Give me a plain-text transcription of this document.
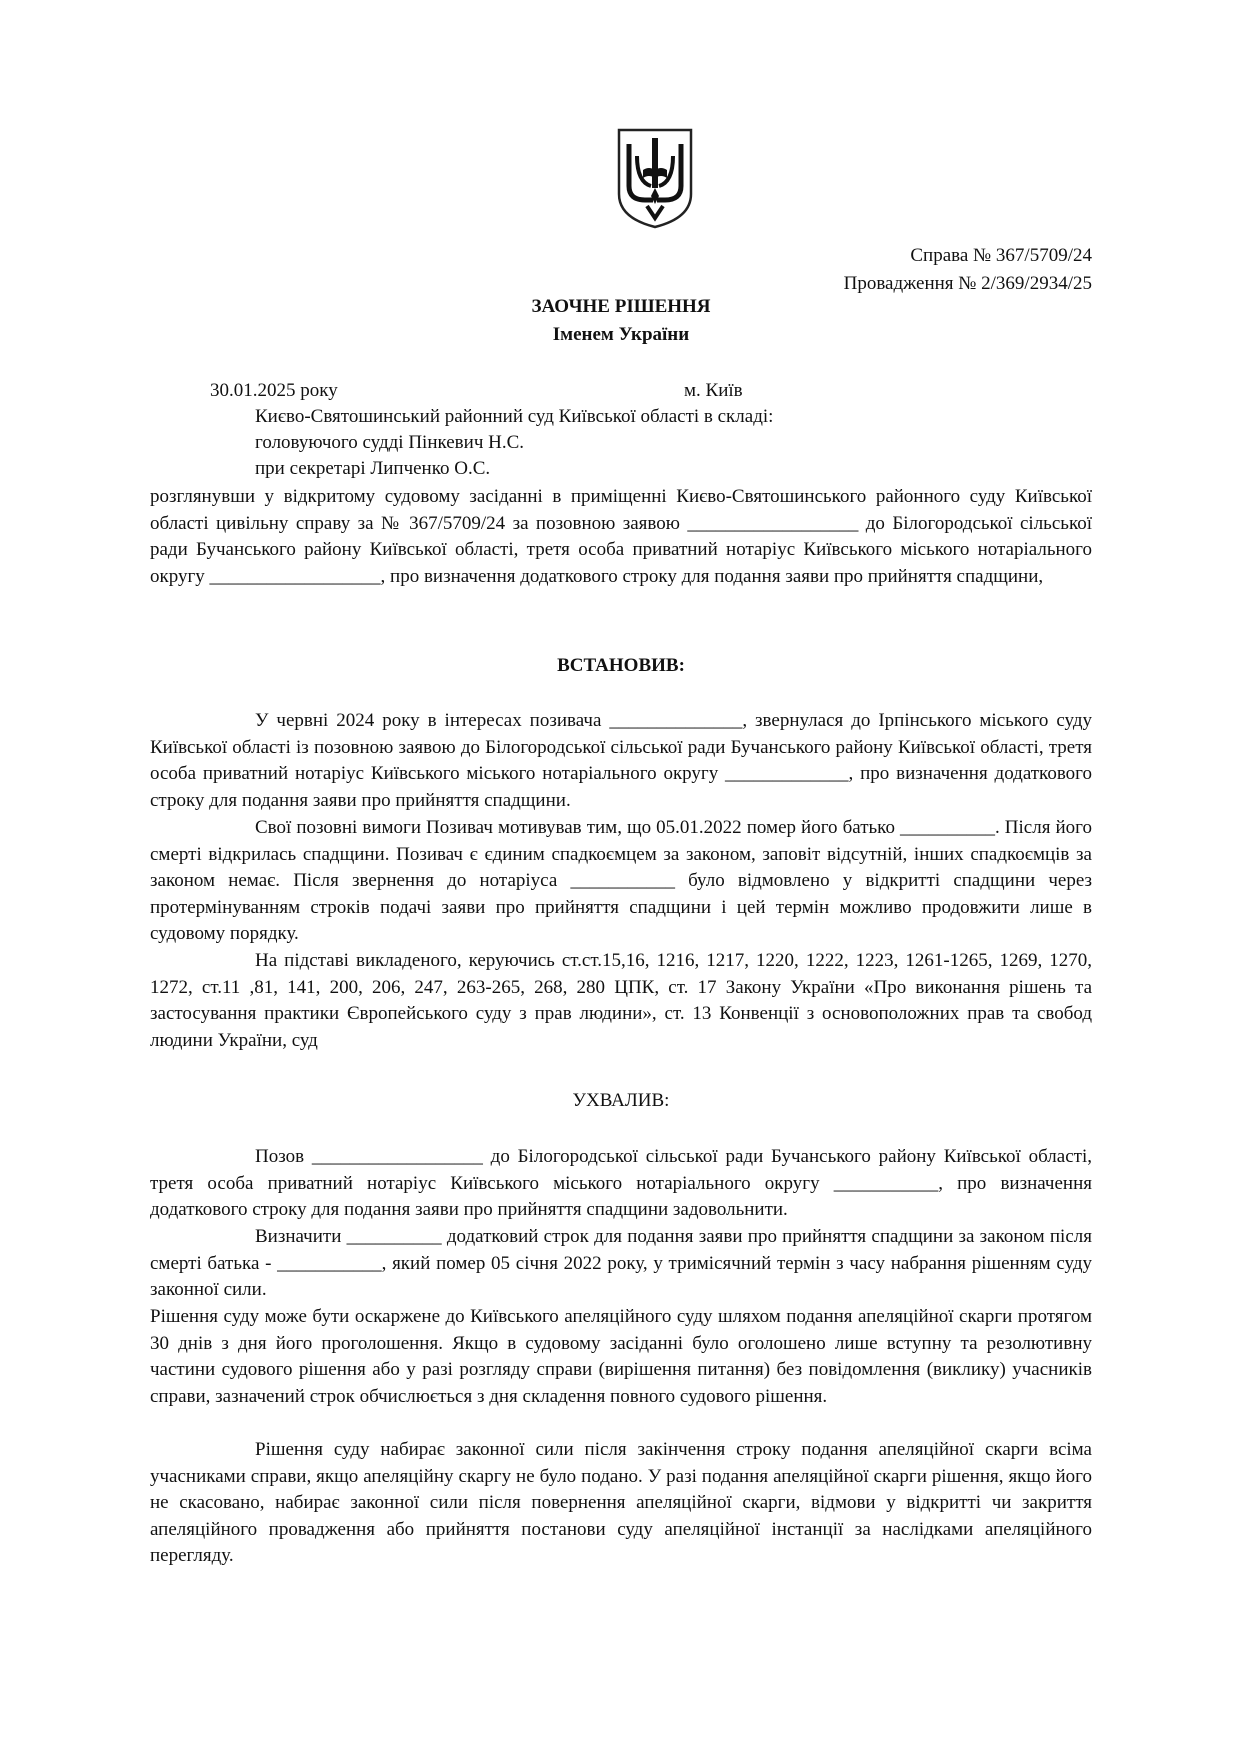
Справа № 367/5709/24
Провадження № 2/369/2934/25
ЗАОЧНЕ РІШЕННЯ
Іменем України
30.01.2025 року	м. Київ
Києво-Святошинський районний суд Київської області в складі:
головуючого судді Пінкевич Н.С.
при секретарі Липченко О.С.

розглянувши у відкритому судовому засіданні в приміщенні Києво-Святошинського районного суду Київської області цивільну справу за № 367/5709/24 за позовною заявою __________________ до Білогородської сільської ради Бучанського району Київської області, третя особа приватний нотаріус Київського міського нотаріального округу __________________, про визначення додаткового строку для подання заяви про прийняття спадщини,

ВСТАНОВИВ:

У червні 2024 року в інтересах позивача ______________, звернулася до Ірпінського міського суду Київської області із позовною заявою до Білогородської сільської ради Бучанського району Київської області, третя особа приватний нотаріус Київського міського нотаріального округу _____________, про визначення додаткового строку для подання заяви про прийняття спадщини.

Свої позовні вимоги Позивач мотивував тим, що 05.01.2022 помер його батько __________. Після його смерті відкрилась спадщини. Позивач є єдиним спадкоємцем за законом, заповіт відсутній, інших спадкоємців за законом немає. Після звернення до нотаріуса ___________ було відмовлено у відкритті спадщини через протермінуванням строків подачі заяви про прийняття спадщини і цей термін можливо продовжити лише в судовому порядку.

На підставі викладеного, керуючись ст.ст.15,16, 1216, 1217, 1220, 1222, 1223, 1261-1265, 1269, 1270, 1272, ст.11 ,81, 141, 200, 206, 247, 263-265, 268, 280 ЦПК, ст. 17 Закону України «Про виконання рішень та застосування практики Європейського суду з прав людини», ст. 13 Конвенції з основоположних прав та свобод людини України, суд

УХВАЛИВ:

Позов __________________ до Білогородської сільської ради Бучанського району Київської області, третя особа приватний нотаріус Київського міського нотаріального округу ___________, про визначення додаткового строку для подання заяви про прийняття спадщини задовольнити.

Визначити __________ додатковий строк для подання заяви про прийняття спадщини за законом після смерті батька - ___________, який помер 05 січня 2022 року, у тримісячний термін з часу набрання рішенням суду законної сили.

Рішення суду може бути оскаржене до Київського апеляційного суду шляхом подання апеляційної скарги протягом 30 днів з дня його проголошення. Якщо в судовому засіданні було оголошено лише вступну та резолютивну частини судового рішення або у разі розгляду справи (вирішення питання) без повідомлення (виклику) учасників справи, зазначений строк обчислюється з дня складення повного судового рішення.

Рішення суду набирає законної сили після закінчення строку подання апеляційної скарги всіма учасниками справи, якщо апеляційну скаргу не було подано. У разі подання апеляційної скарги рішення, якщо його не скасовано, набирає законної сили після повернення апеляційної скарги, відмови у відкритті чи закриття апеляційного провадження або прийняття постанови суду апеляційної інстанції за наслідками апеляційного перегляду.
